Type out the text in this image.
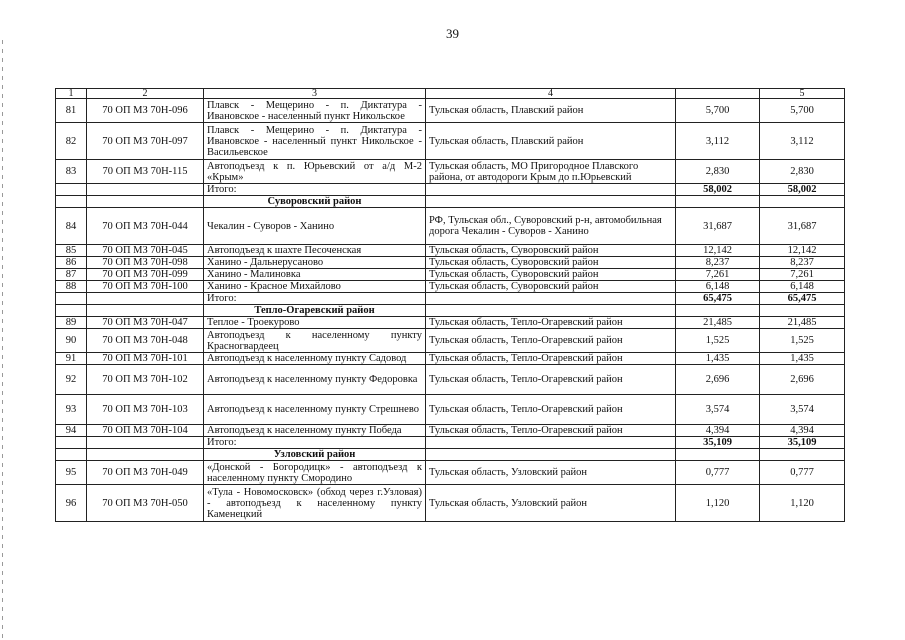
39
1	2	3	4		5
81	70 ОП МЗ 70Н-096	Плавск - Мещерино - п. Диктатура - Ивановское - населенный пункт Никольское	Тульская область, Плавский район	5,700	5,700
82	70 ОП МЗ 70Н-097	Плавск - Мещерино - п. Диктатура - Ивановское - населенный пункт Никольское - Васильевское	Тульская область, Плавский район	3,112	3,112
83	70 ОП МЗ 70Н-115	Автоподъезд к п. Юрьевский от а/д М-2 «Крым»	Тульская область, МО Пригородное Плавского района, от автодороги Крым до п.Юрьевский	2,830	2,830
		Итого:		58,002	58,002
		Суворовский район			
84	70 ОП МЗ 70Н-044	Чекалин - Суворов - Ханино	РФ, Тульская обл., Суворовский р-н, автомобильная дорога Чекалин - Суворов - Ханино	31,687	31,687
85	70 ОП МЗ 70Н-045	Автоподъезд к шахте Песоченская	Тульская область, Суворовский район	12,142	12,142
86	70 ОП МЗ 70Н-098	Ханино - Дальнерусаново	Тульская область, Суворовский район	8,237	8,237
87	70 ОП МЗ 70Н-099	Ханино - Малиновка	Тульская область, Суворовский район	7,261	7,261
88	70 ОП МЗ 70Н-100	Ханино - Красное Михайлово	Тульская область, Суворовский район	6,148	6,148
		Итого:		65,475	65,475
		Тепло-Огаревский район			
89	70 ОП МЗ 70Н-047	Теплое - Троекурово	Тульская область, Тепло-Огаревский район	21,485	21,485
90	70 ОП МЗ 70Н-048	Автоподъезд к населенному пункту Красногвардеец	Тульская область, Тепло-Огаревский район	1,525	1,525
91	70 ОП МЗ 70Н-101	Автоподъезд к населенному пункту Садовод	Тульская область, Тепло-Огаревский район	1,435	1,435
92	70 ОП МЗ 70Н-102	Автоподъезд к населенному пункту Федоровка	Тульская область, Тепло-Огаревский район	2,696	2,696
93	70 ОП МЗ 70Н-103	Автоподъезд к населенному пункту Стрешнево	Тульская область, Тепло-Огаревский район	3,574	3,574
94	70 ОП МЗ 70Н-104	Автоподъезд к населенному пункту Победа	Тульская область, Тепло-Огаревский район	4,394	4,394
		Итого:		35,109	35,109
		Узловский район			
95	70 ОП МЗ 70Н-049	«Донской - Богородицк» - автоподъезд к населенному пункту Смородино	Тульская область, Узловский район	0,777	0,777
96	70 ОП МЗ 70Н-050	«Тула - Новомосковск» (обход через г.Узловая) - автоподъезд к населенному пункту Каменецкий	Тульская область, Узловский район	1,120	1,120
